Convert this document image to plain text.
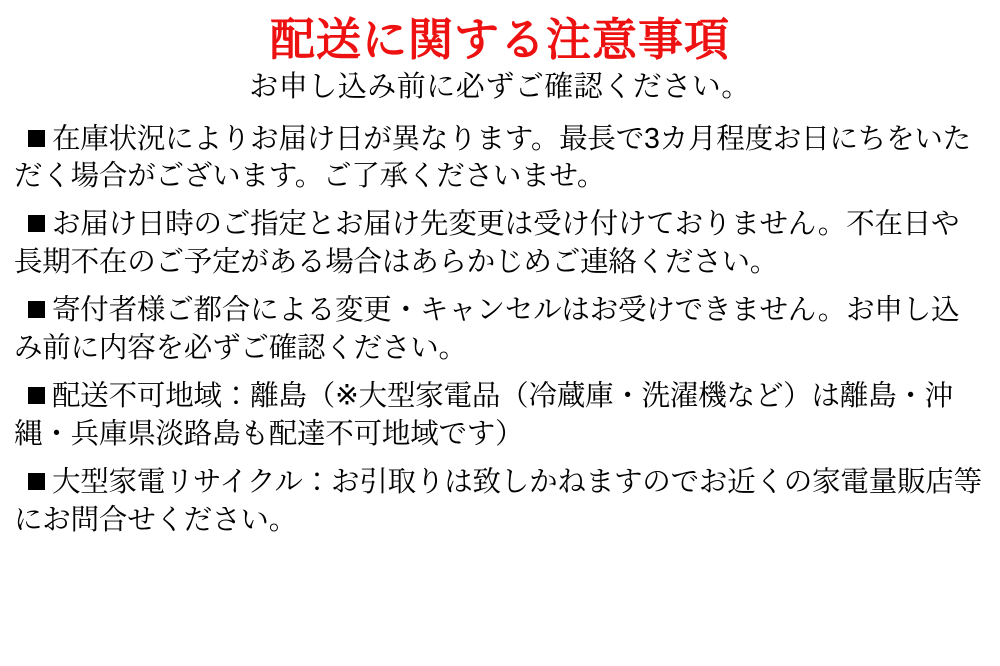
配送に関する注意事項
お申し込み前に必ずご確認ください。

在庫状況によりお届け日が異なります。最長で3カ月程度お日にちをいただく場合がございます。ご了承くださいませ。

お届け日時のご指定とお届け先変更は受け付けておりません。不在日や長期不在のご予定がある場合はあらかじめご連絡ください。

寄付者様ご都合による変更・キャンセルはお受けできません。お申し込み前に内容を必ずご確認ください。

配送不可地域：離島（※大型家電品（冷蔵庫・洗濯機など）は離島・沖縄・兵庫県淡路島も配達不可地域です）

大型家電リサイクル：お引取りは致しかねますのでお近くの家電量販店等にお問合せください。
